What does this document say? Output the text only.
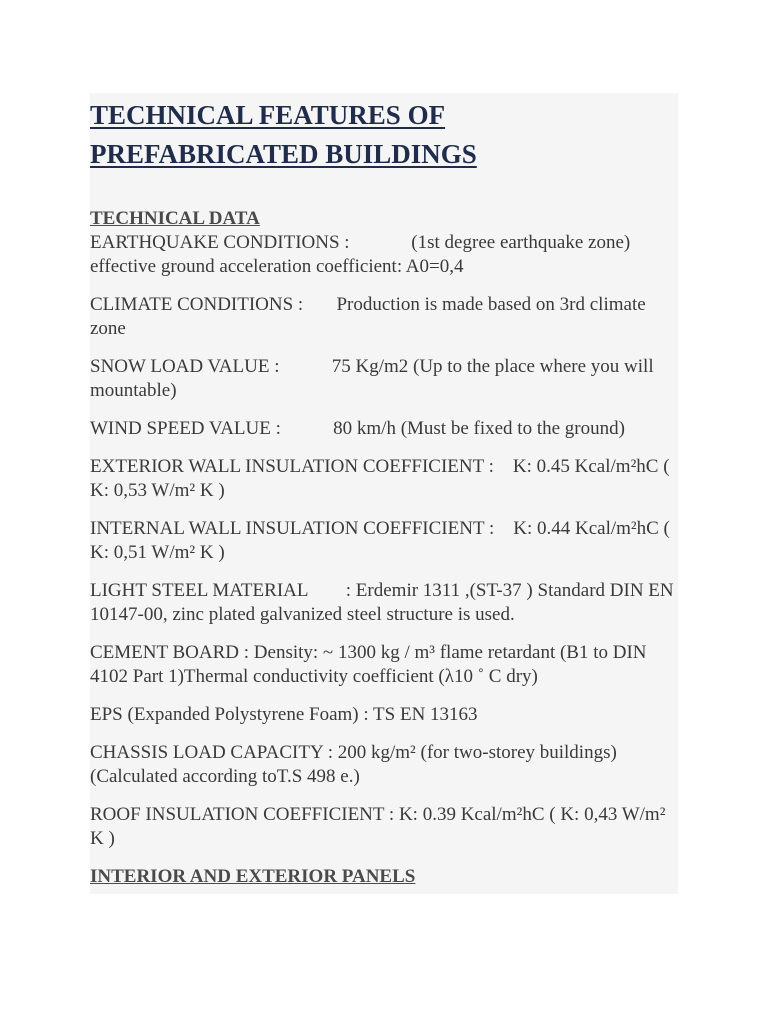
TECHNICAL FEATURES OF
PREFABRICATED BUILDINGS
TECHNICAL DATA

EARTHQUAKE CONDITIONS :             (1st degree earthquake zone) effective ground acceleration coefficient: A0=0,4

CLIMATE CONDITIONS :       Production is made based on 3rd climate zone

SNOW LOAD VALUE :           75 Kg/m2 (Up to the place where you will mountable)

WIND SPEED VALUE :           80 km/h (Must be fixed to the ground)

EXTERIOR WALL INSULATION COEFFICIENT :    K: 0.45 Kcal/m²hC ( K: 0,53 W/m² K )

INTERNAL WALL INSULATION COEFFICIENT :    K: 0.44 Kcal/m²hC ( K: 0,51 W/m² K )

LIGHT STEEL MATERIAL        : Erdemir 1311 ,(ST-37 ) Standard DIN EN 10147-00, zinc plated galvanized steel structure is used.

CEMENT BOARD : Density: ~ 1300 kg / m³ flame retardant (B1 to DIN 4102 Part 1)Thermal conductivity coefficient (λ10 ˚ C dry)

EPS (Expanded Polystyrene Foam) : TS EN 13163

CHASSIS LOAD CAPACITY : 200 kg/m² (for two-storey buildings) (Calculated according toT.S 498 e.)

ROOF INSULATION COEFFICIENT : K: 0.39 Kcal/m²hC ( K: 0,43 W/m² K )

INTERIOR AND EXTERIOR PANELS
